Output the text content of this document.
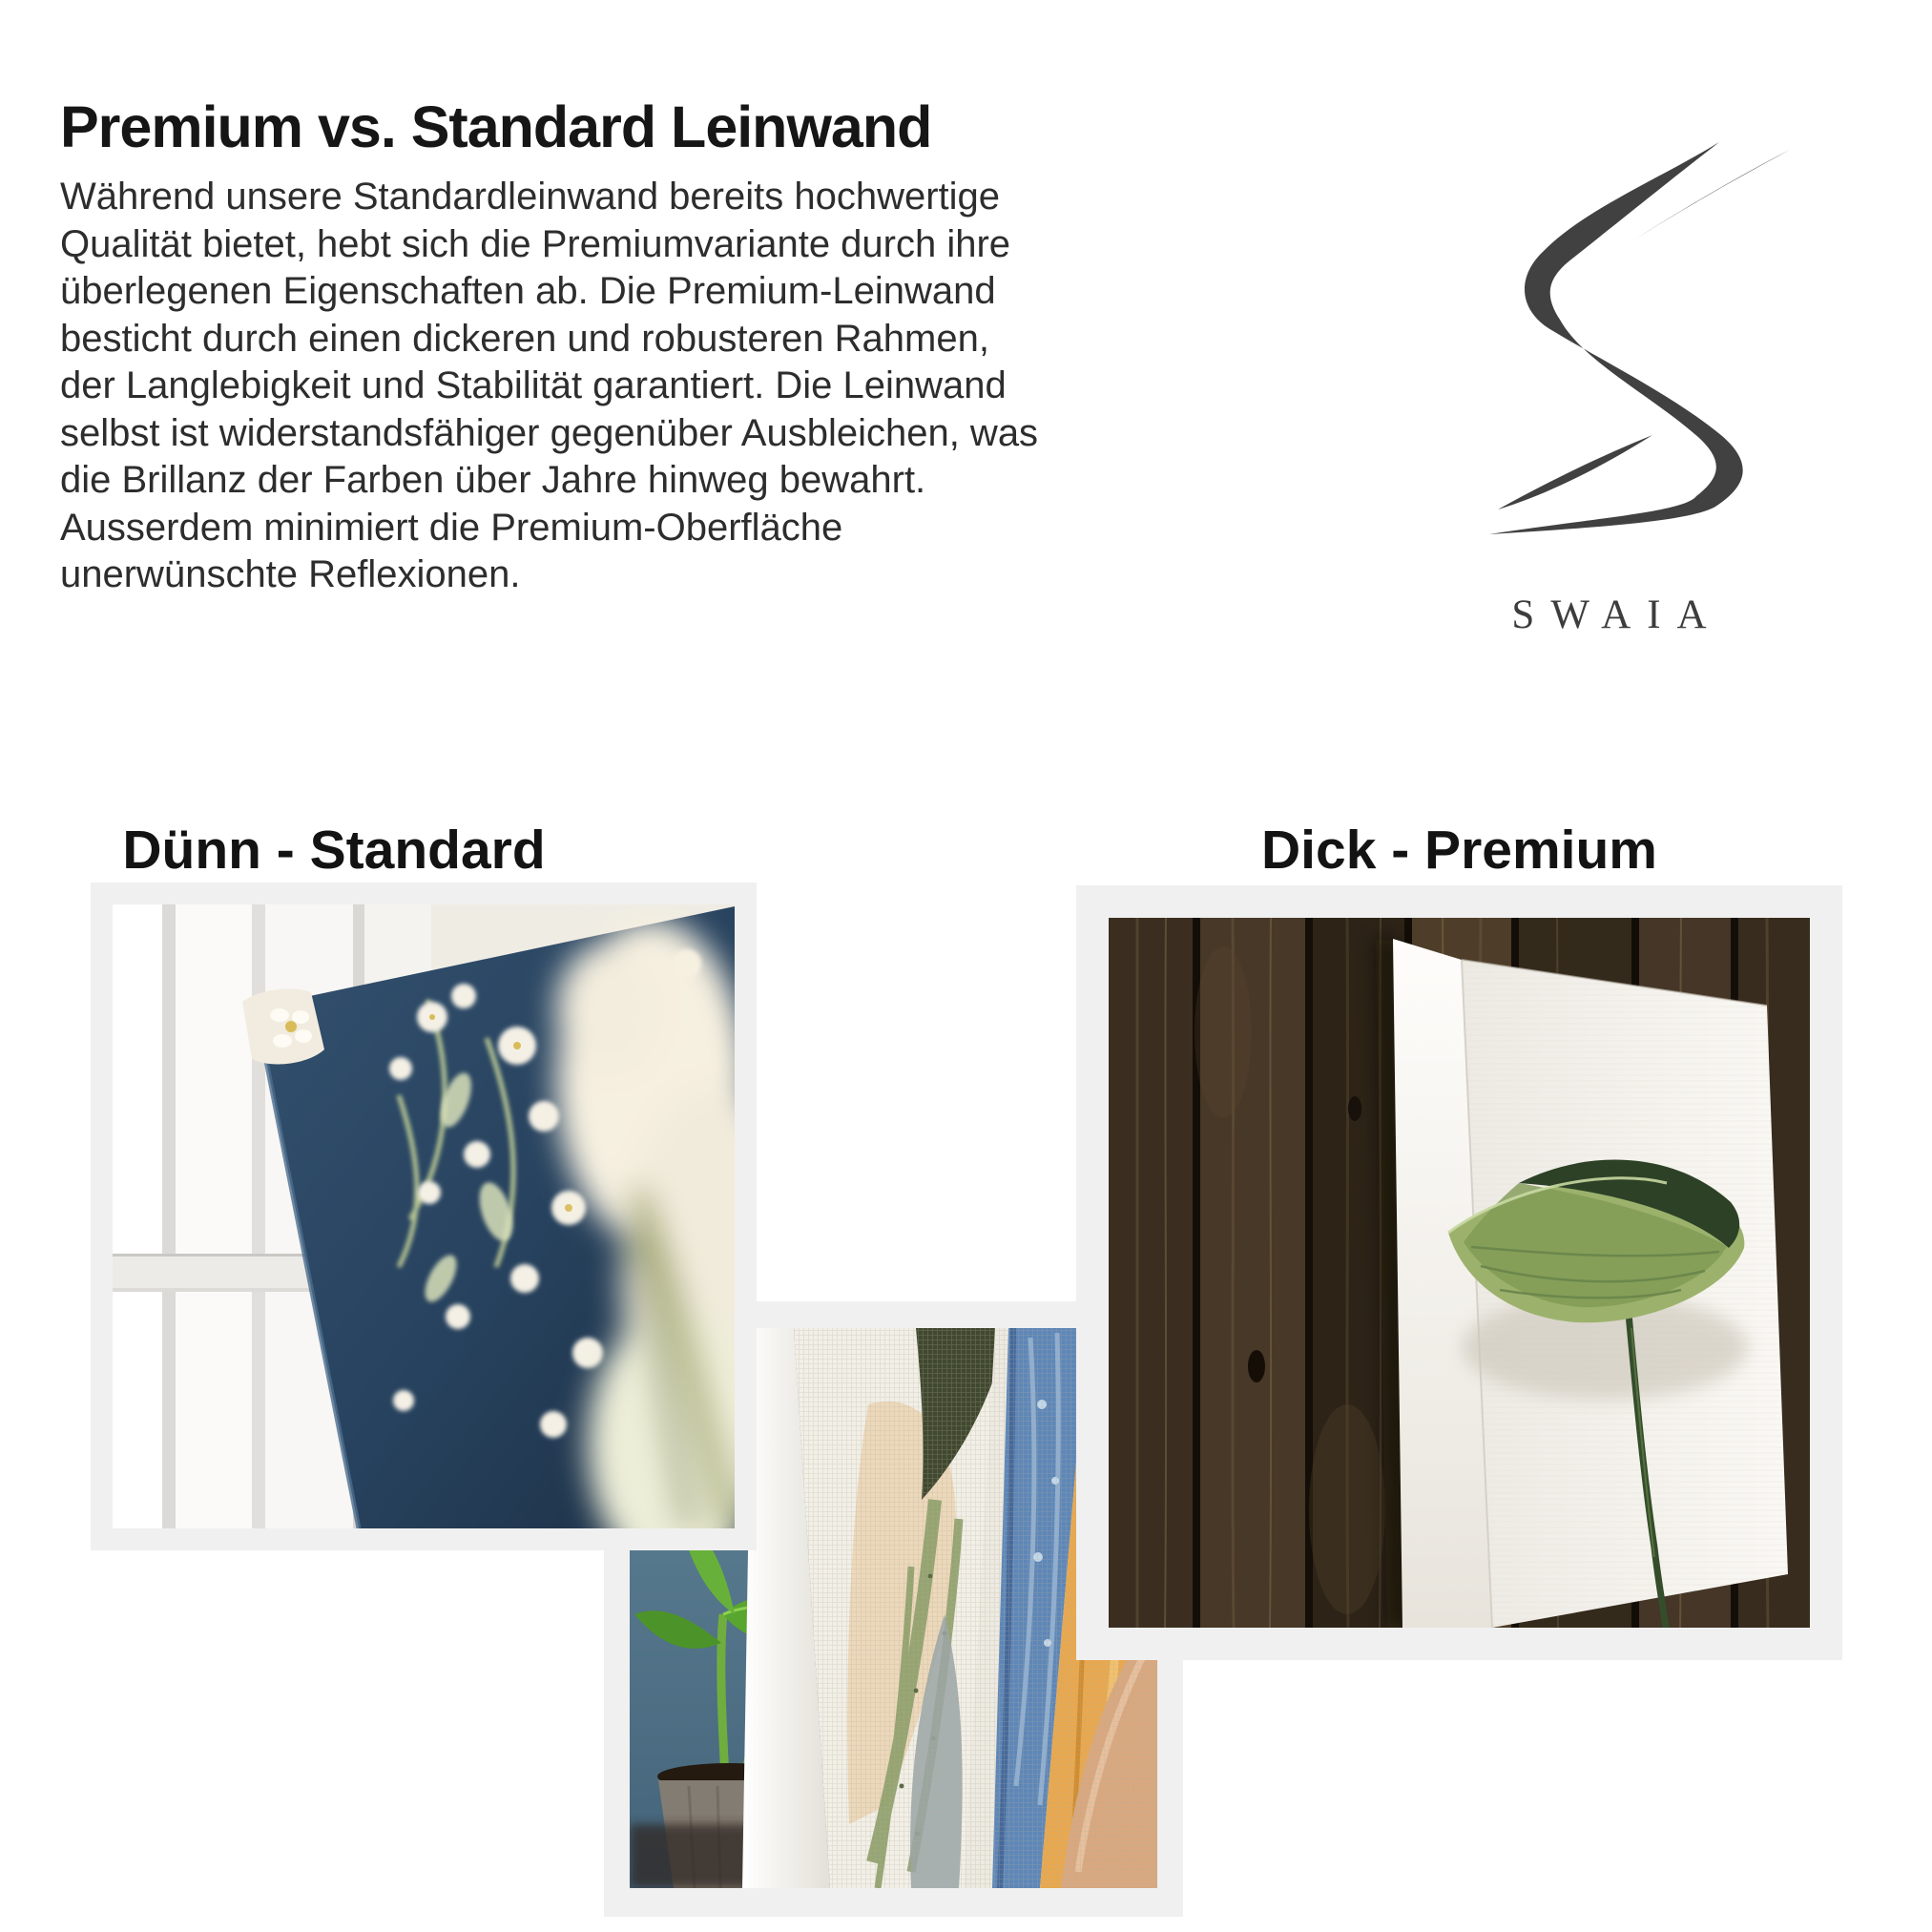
Premium vs. Standard Leinwand
Während unsere Standardleinwand bereits hochwertige
Qualität bietet, hebt sich die Premiumvariante durch ihre
überlegenen Eigenschaften ab. Die Premium-Leinwand
besticht durch einen dickeren und robusteren Rahmen,
der Langlebigkeit und Stabilität garantiert. Die Leinwand
selbst ist widerstandsfähiger gegenüber Ausbleichen, was
die Brillanz der Farben über Jahre hinweg bewahrt.
Ausserdem minimiert die Premium-Oberfläche
unerwünschte Reflexionen.
SWAIA
Dünn - Standard	Dick - Premium
